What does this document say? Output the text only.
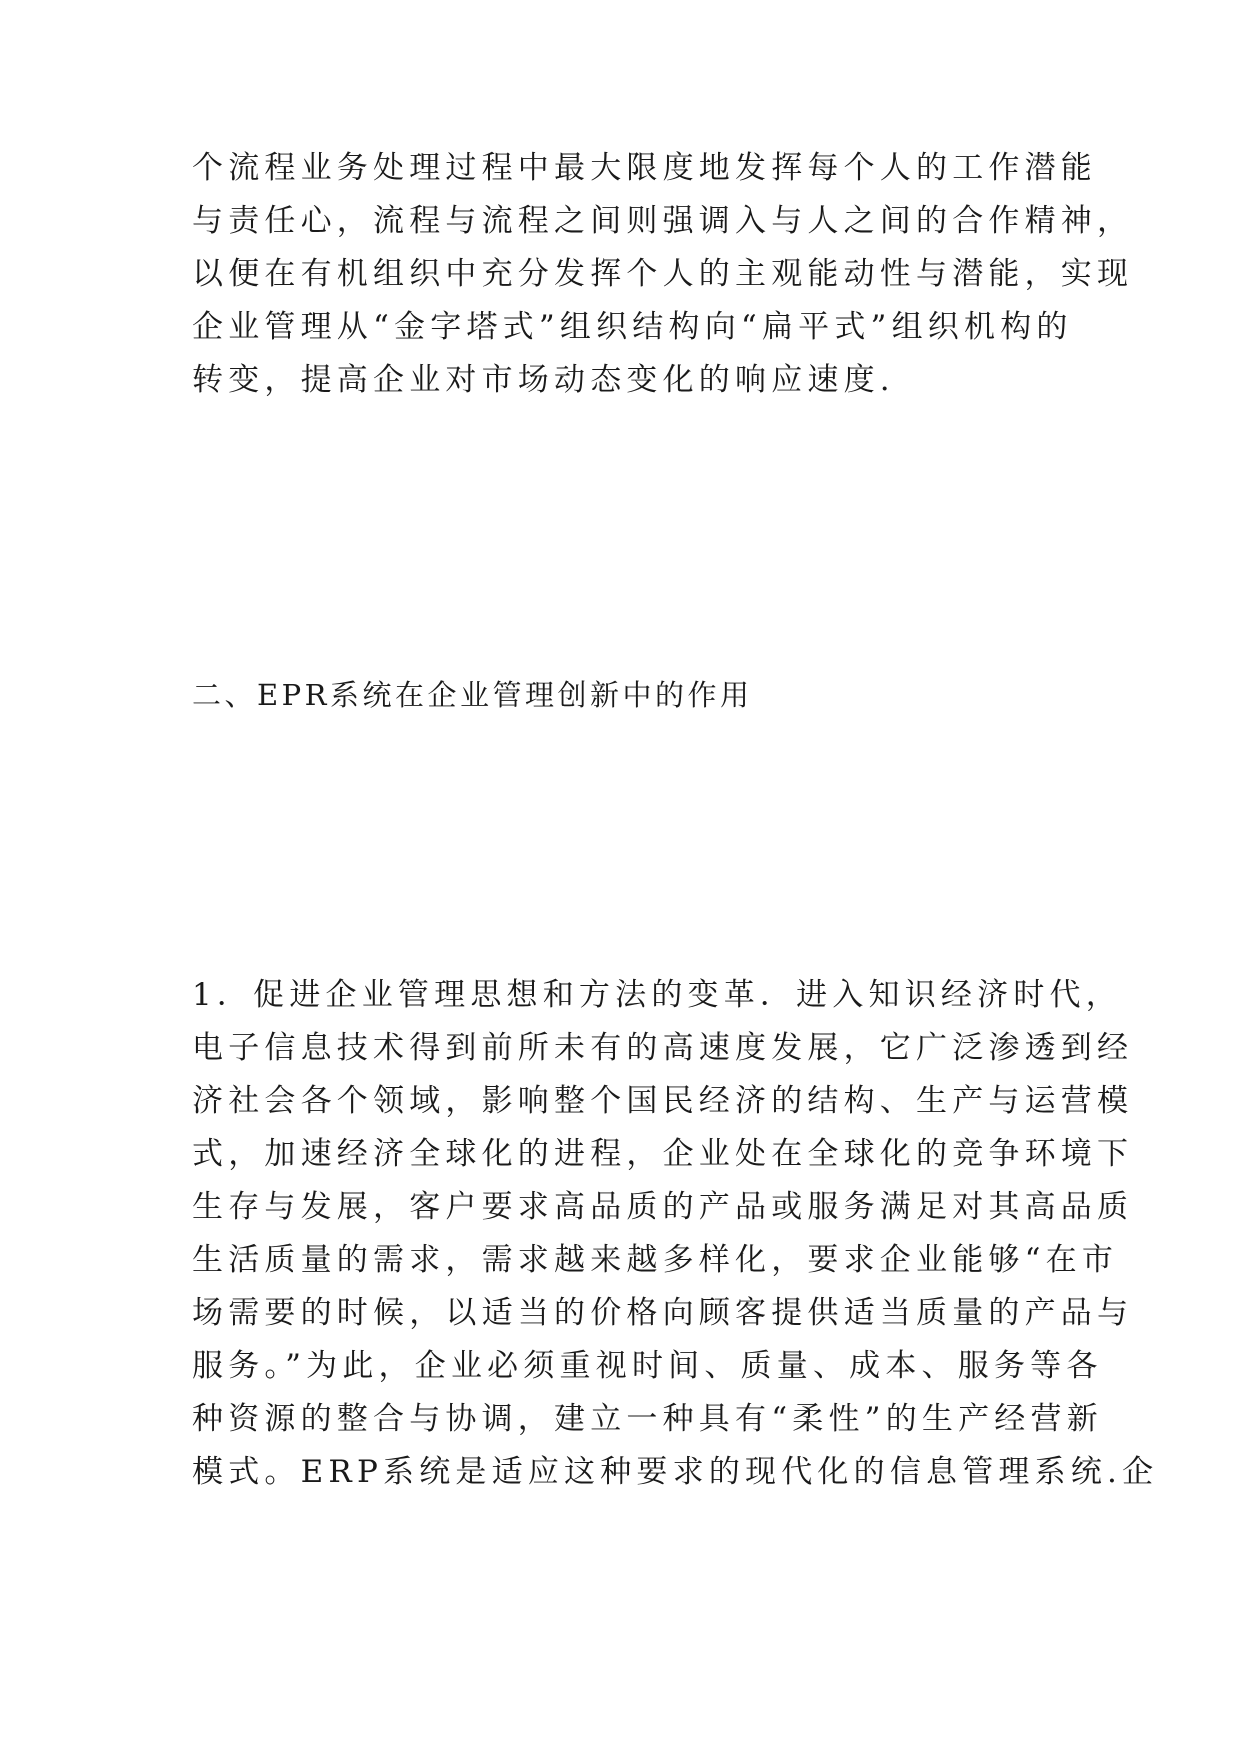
个流程业务处理过程中最大限度地发挥每个人的工作潜能
与责任心，流程与流程之间则强调入与人之间的合作精神，
以便在有机组织中充分发挥个人的主观能动性与潜能，实现
企业管理从“金字塔式”组织结构向“扁平式”组织机构的
转变，提高企业对市场动态变化的响应速度.
二、EPR系统在企业管理创新中的作用
1．促进企业管理思想和方法的变革．进入知识经济时代，
电子信息技术得到前所未有的高速度发展，它广泛渗透到经
济社会各个领域，影响整个国民经济的结构、生产与运营模
式，加速经济全球化的进程，企业处在全球化的竞争环境下
生存与发展，客户要求高品质的产品或服务满足对其高品质
生活质量的需求，需求越来越多样化，要求企业能够“在市
场需要的时候，以适当的价格向顾客提供适当质量的产品与
服务。”为此，企业必须重视时间、质量、成本、服务等各
种资源的整合与协调，建立一种具有“柔性”的生产经营新
模式。ERP系统是适应这种要求的现代化的信息管理系统.企
